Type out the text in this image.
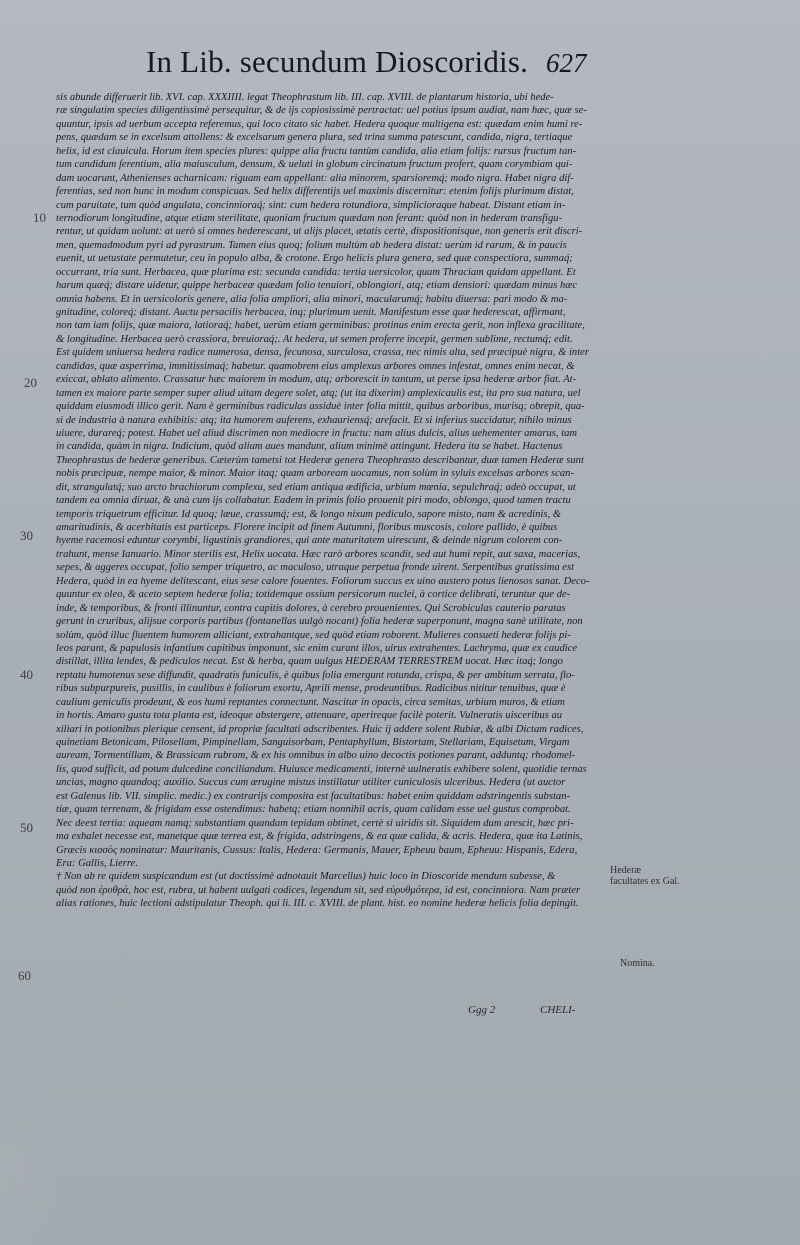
In Lib. secundum Dioscoridis. 627
sis abunde differuerit lib. XVI. cap. XXXIIII. legat Theophrastum lib. III. cap. XVIII. de plantarum historia, ubi hede-
ræ singulatim species diligentissimè persequitur, & de ijs copiosissimè pertractat: uel potius ipsum audiat, nam hæc, quæ se-
quuntur, ipsis ad uerbum accepta referemus, qui loco citato sic habet. Hedera quoque multigena est: quædam enim humi re-
pens, quædam se in excelsum attollens: & excelsarum genera plura, sed trina summa patescunt, candida, nigra, tertiaque
helix, id est clauicula. Horum item species plures: quippe alia fructu tantùm candida, alia etiam folijs: rursus fructum tan-
tum candidum ferentium, alia maiusculum, densum, & ueluti in globum circinatum fructum profert, quam corymbiam qui-
dam uocarunt, Athenienses acharnicam: riguam eam appellant: alia minorem, sparsioremq́; modo nigra. Habet nigra dif-
ferentias, sed non hunc in modum conspicuas. Sed helix differentijs uel maximis discernitur: etenim folijs plurimum distat,
cum paruitate, tum quòd angulata, concinnioraq́; sint: cum hedera rotundiora, simplicioraque habeat. Distant etiam in-
ternodiorum longitudine, atque etiam sterilitate, quoniam fructum quædam non ferant: quòd non in hederam transfigu-
rentur, ut quidam uolunt: at uerò si omnes hederescant, ut alijs placet, ætatis certè, dispositionisque, non generis erit discri-
men, quemadmodum pyri ad pyrastrum. Tamen eius quoq; folium multùm ab hedera distat: uerùm id rarum, & in paucis
euenit, ut uetustate permutetur, ceu in populo alba, & crotone. Ergo helicis plura genera, sed quæ conspectiora, summaq́;
occurrant, tria sunt. Herbacea, quæ plurima est: secunda candida: tertia uersicolor, quam Thraciam quidam appellant. Et
harum quæq́; distare uidetur, quippe herbaceæ quædam folio tenuiori, oblongiori, atq; etiam densiori: quædam minus hæc
omnia habens. Et in uersicoloris genere, alia folia ampliori, alia minori, macularumq́; habitu diuersa: pari modo & ma-
gnitudine, coloreq́; distant. Auctu persacilis herbacea, inq; plurimum uenit. Manifestum esse quæ hederescat, affirmant,
non tam iam folijs, quæ maiora, latioraq́; habet, uerùm etiam germinibus: protinus enim erecta gerit, non inflexa gracilitate,
& longitudine. Herbacea uerò crassiora, breuioraq́;. At hedera, ut semen proferre incepit, germen sublime, rectumq́; edit.
Est quidem uniuersa hedera radice numerosa, densa, fecunosa, surculosa, crassa, nec nimis alta, sed præcipuè nigra, & inter
candidas, quæ asperrima, immitissimaq́; habetur. quamobrem eius amplexus arbores omnes infestat, omnes enim necat, &
exiccat, ablato alimento. Crassatur hæc maiorem in modum, atq; arborescit in tantum, ut perse ipsa hederæ arbor fiat. At-
tamen ex maiore parte semper super aliud uitam degere solet, atq; (ut ita dixerim) amplexicaulis est, ita pro sua natura, uel
quiddam eiusmodi illico gerit. Nam è germinibus radiculas assiduè inter folia mittit, quibus arboribus, murisq; obrepit, qua-
si de industria à natura exhibitis: atq; ita humorem auferens, exhauriensq́; arefacit. Et si inferius succidatur, nihilo minus
uiuere, durareq́; potest. Habet uel aliud discrimen non mediocre in fructu: nam alius dulcis, alius uehementer amarus, tam
in candida, quàm in nigra. Indicium, quòd alium aues mandunt, alium minimè attingunt. Hedera ita se habet. Hactenus
Theophrastus de hederæ generibus. Cæterùm tametsi tot Hederæ genera Theophrasto describantur, duæ tamen Hederæ sunt
nobis præcipuæ, nempe maior, & minor. Maior itaq; quam arboream uocamus, non solùm in syluis excelsas arbores scan-
dit, strangulatq́; suo arcto brachiorum complexu, sed etiam antiqua ædificia, urbium mœnia, sepulchraq́; adeò occupat, ut
tandem ea omnia diruat, & unà cum ijs collabatur. Eadem in primis folio prouenit piri modo, oblongo, quod tamen tractu
temporis triquetrum efficitur. Id quoq; læue, crassumq́; est, & longo nixum pediculo, sapore misto, nam & acredinis, &
amaritudinis, & acerbitatis est particeps. Florere incipit ad finem Autumni, floribus muscosis, colore pallido, è quibus
hyeme racemosi eduntur corymbi, ligustinis grandiores, qui ante maturitatem uirescunt, & deinde nigrum colorem con-
trahunt, mense Ianuario. Minor sterilis est, Helix uocata. Hæc rarò arbores scandit, sed aut humi repit, aut saxa, macerias,
sepes, & aggeres occupat, folio semper triquetro, ac maculoso, utraque perpetua fronde uirent. Serpentibus gratissima est
Hedera, quòd in ea hyeme delitescant, eius sese calore fouentes. Foliorum succus ex uino austero potus lienosos sanat. Deco-
quuntur ex oleo, & aceto septem hederæ folia; totidemque ossium persicorum nuclei, à cortice delibrati, teruntur que de-
inde, & temporibus, & fronti illinuntur, contra capitis dolores, à cerebro prouenientes. Qui Scrobiculas cauterio paratas
gerunt in cruribus, alijsue corporis partibus (fontanellas uulgò nocant) folia hederæ superponunt, magna sanè utilitate, non
solùm, quòd illuc fluentem humorem alliciant, extrahantque, sed quòd etiam roborent. Mulieres consueti hederæ folijs pi-
leos parant, & papulosis infantium capitibus imponunt, sic enim curant illos, uirus extrahentes. Lachryma, quæ ex caudice
distillat, illita lendes, & pediculos necat. Est & herba, quam uulgus HEDERAM TERRESTREM uocat. Hæc itaq́; longo
reptatu humotenus sese diffundit, quadratis funiculis, è quibus folia emergunt rotunda, crispa, & per ambitum serrata, flo-
ribus subpurpureis, pusillis, in caulibus è foliorum exortu, Aprili mense, prodeuntibus. Radicibus nititur tenuibus, quæ è
caulium geniculis prodeunt, & eos humi reptantes connectunt. Nascitur in opacis, circa semitas, urbium muros, & etiam
in hortis. Amaro gustu tota planta est, ideoque abstergere, attenuare, aperireque facilè poterit. Vulneratis uisceribus au
xiliari in potionibus plerique censent, id propriæ facultati adscribentes. Huic ij addere solent Rubiæ, & albi Dictam radices,
quinetiam Betonicam, Pilosellam, Pimpinellam, Sanguisorbam, Pentaphyllum, Bistortam, Stellariam, Equisetum, Virgam
auream, Tormentillam, & Brassicam rubram, & ex his omnibus in albo uino decoctis potiones parant, adduntq; rhodomel-
lis, quod sufficit, ad potum dulcedine conciliandum. Huiusce medicamenti, internè uulneratis exhibere solent, quotidie ternas
uncias, magno quandoq; auxilio. Succus cum ærugine mistus instillatur utiliter cuniculosis ulceribus. Hedera (ut auctor
est Galenus lib. VII. simplic. medic.) ex contrarijs composita est facultatibus: habet enim quiddam adstringentis substan-
tiæ, quam terrenam, & frigidam esse ostendimus: habetq; etiam nonnihil acris, quam calidam esse uel gustus comprobat.
Nec deest tertia: aqueam namq; substantiam quandam tepidam obtinet, certè si uiridis sit. Siquidem dum arescit, hæc pri-
ma exhalet necesse est, manetque quæ terrea est, & frigida, adstringens, & ea quæ calida, & acris. Hedera, quæ ita Latinis,
Græcis κισσὸς nominatur: Mauritanis, Cussus: Italis, Hedera: Germanis, Mauer, Epheuu baum, Epheuu: Hispanis, Edera,
Era: Gallis, Lierre.
† Non ab re quidem suspicandum est (ut doctissimè adnotauit Marcellus) huic loco in Dioscoride mendum subesse, &
quòd non ἐρυθρὰ, hoc est, rubra, ut habent uulgati codices, legendum sit, sed εὐρυθμότερα, id est, concinniora. Nam præter
alias rationes, huic lectioni adstipulatur Theoph. qui li. III. c. XVIII. de plant. hist. eo nomine hederæ helicis folia depingit.
10
20
30
40
50
60
Hederæ facultates ex Gal.
Nomina.
Ggg 2	CHELI-
